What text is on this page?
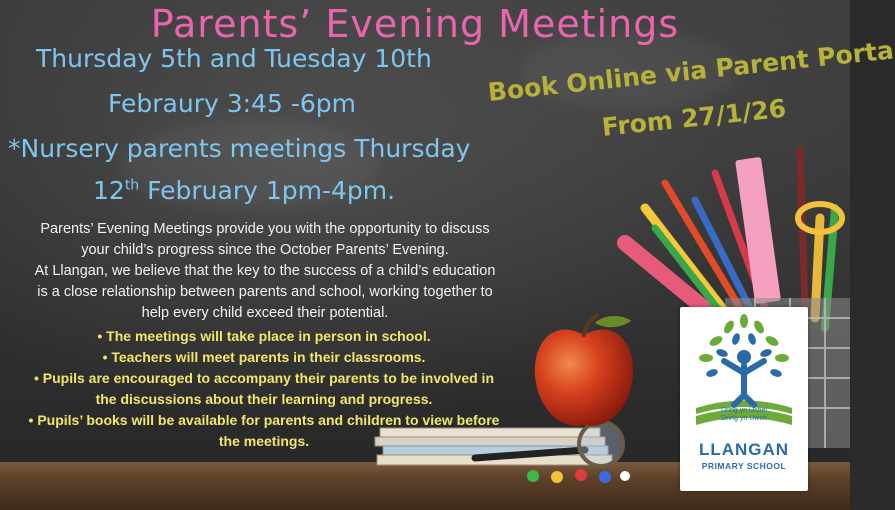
Parents’ Evening Meetings
Thursday 5th and Tuesday 10th
Febraury 3:45 -6pm
*Nursery parents meetings Thursday
12th February 1pm-4pm.
Book Online via Parent Porta
From 27/1/26
Parents’ Evening Meetings provide you with the opportunity to discuss
your child’s progress since the October Parents’ Evening.
At Llangan, we believe that the key to the success of a child’s education
is a close relationship between parents and school, working together to
help every child exceed their potential.
• The meetings will take place in person in school.
• Teachers will meet parents in their classrooms.
• Pupils are encouraged to accompany their parents to be involved in
the discussions about their learning and progress.
• Pupils’ books will be available for parents and children to view before
the meetings.
Dring yn Uchel
Dring yn Uwch
LLANGAN
PRIMARY SCHOOL
